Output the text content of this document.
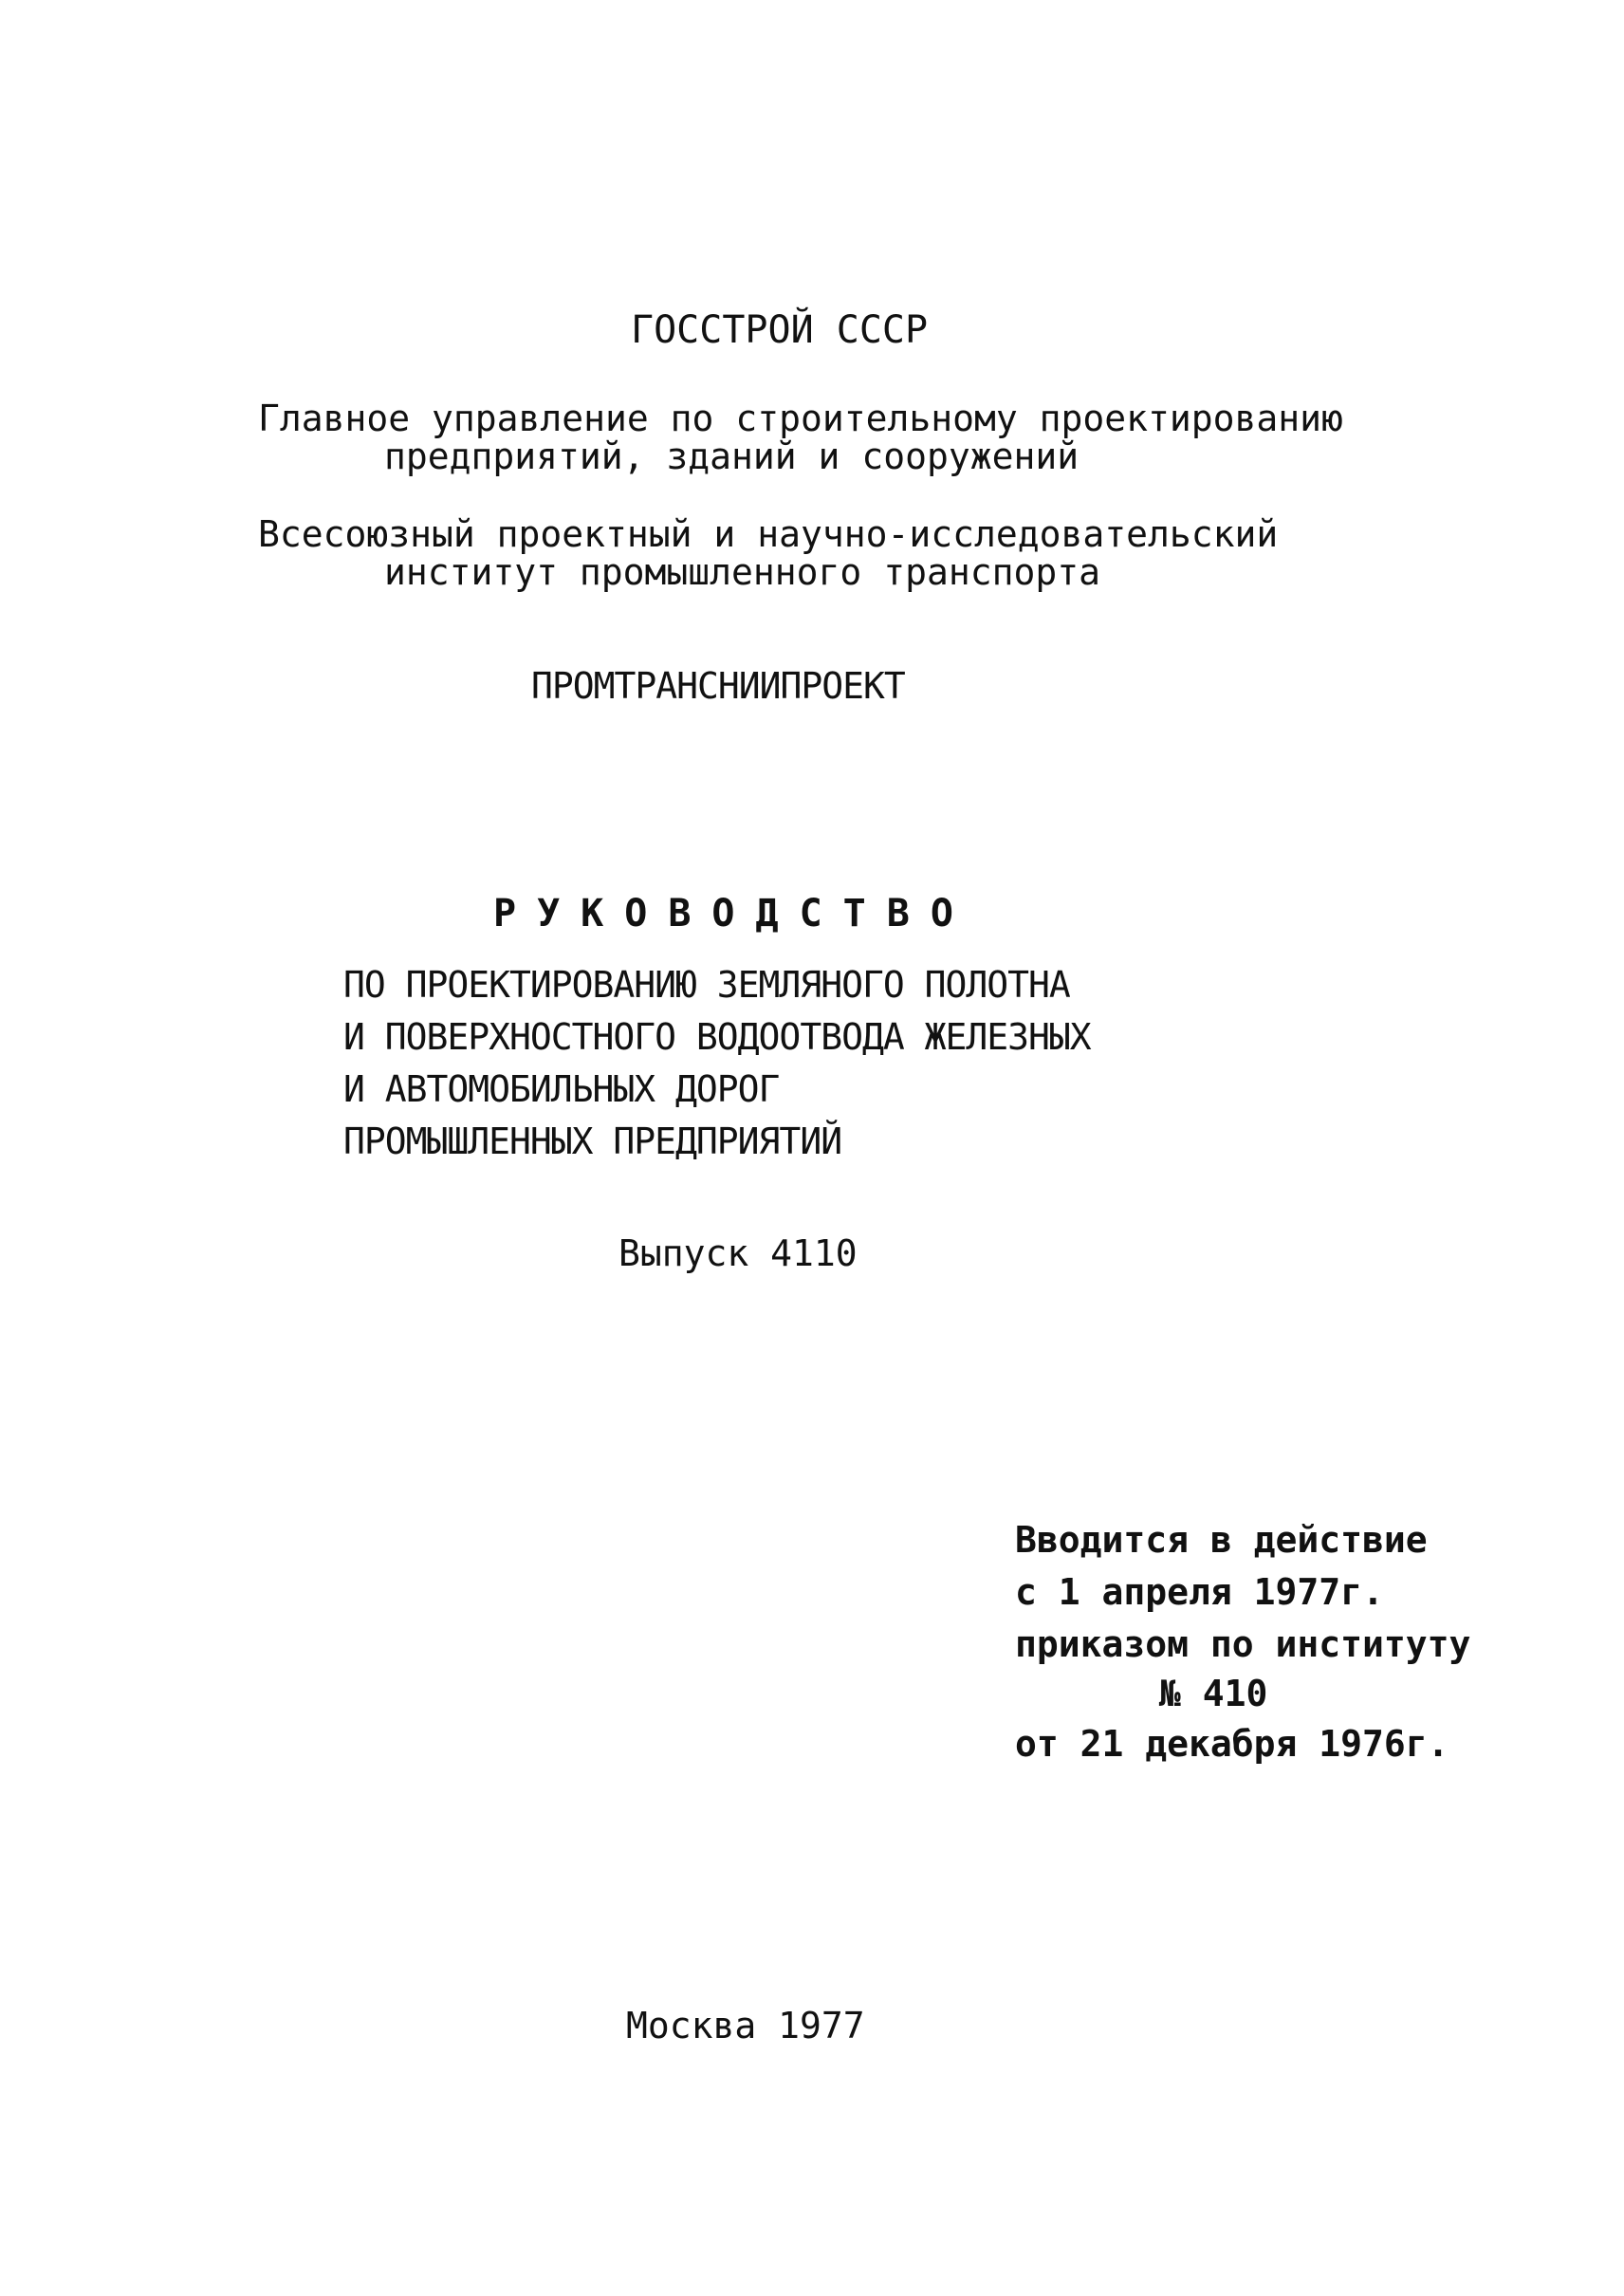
ГОССТРОЙ СССР
Главное управление по строительному проектированию
предприятий, зданий и сооружений
Всесоюзный проектный и научно-исследовательский
институт промышленного транспорта
ПРОМТРАНСНИИПРОЕКТ
РУКОВОДСТВО
ПО ПРОЕКТИРОВАНИЮ ЗЕМЛЯНОГО ПОЛОТНА
И ПОВЕРХНОСТНОГО ВОДООТВОДА ЖЕЛЕЗНЫХ
И АВТОМОБИЛЬНЫХ ДОРОГ
ПРОМЫШЛЕННЫХ ПРЕДПРИЯТИЙ
Выпуск 4110
Вводится в действие
с 1 апреля 1977г.
приказом по институту
№ 410
от 21 декабря 1976г.
Москва 1977
